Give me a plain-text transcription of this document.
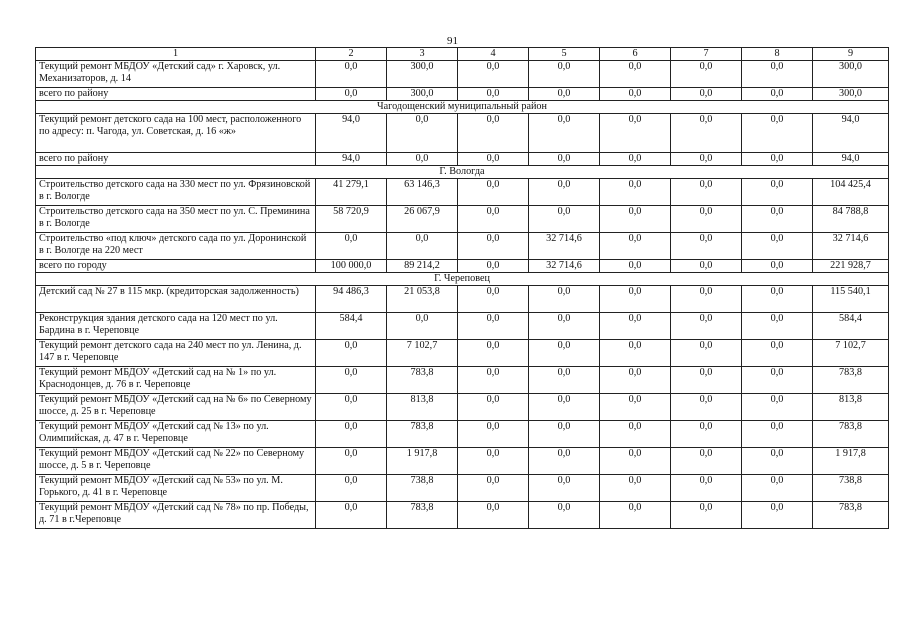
91
1	2	3	4	5	6	7	8	9
Текущий ремонт МБДОУ «Детский сад» г. Харовск, ул. Механизаторов, д. 14	0,0	300,0	0,0	0,0	0,0	0,0	0,0	300,0
всего по району	0,0	300,0	0,0	0,0	0,0	0,0	0,0	300,0
Чагодощенский муниципальный район								
Текущий ремонт детского сада на 100 мест, расположенного по адресу: п. Чагода, ул. Советская, д. 16 «ж»	94,0	0,0	0,0	0,0	0,0	0,0	0,0	94,0
всего по району	94,0	0,0	0,0	0,0	0,0	0,0	0,0	94,0
Г. Вологда								
Строительство детского сада на 330 мест по ул. Фрязиновской в г. Вологде	41 279,1	63 146,3	0,0	0,0	0,0	0,0	0,0	104 425,4
Строительство детского сада на 350 мест по ул. С. Преминина в г. Вологде	58 720,9	26 067,9	0,0	0,0	0,0	0,0	0,0	84 788,8
Строительство «под ключ» детского сада по ул. Доронинской в г. Вологде на 220 мест	0,0	0,0	0,0	32 714,6	0,0	0,0	0,0	32 714,6
всего по городу	100 000,0	89 214,2	0,0	32 714,6	0,0	0,0	0,0	221 928,7
Г. Череповец								
Детский сад № 27 в 115 мкр. (кредиторская задолженность)	94 486,3	21 053,8	0,0	0,0	0,0	0,0	0,0	115 540,1
Реконструкция здания детского сада на 120 мест по ул. Бардина в г. Череповце	584,4	0,0	0,0	0,0	0,0	0,0	0,0	584,4
Текущий ремонт детского сада на 240 мест по ул. Ленина, д. 147 в г. Череповце	0,0	7 102,7	0,0	0,0	0,0	0,0	0,0	7 102,7
Текущий ремонт МБДОУ «Детский сад на № 1» по ул. Краснодонцев, д. 76 в г. Череповце	0,0	783,8	0,0	0,0	0,0	0,0	0,0	783,8
Текущий ремонт МБДОУ «Детский сад на № 6» по Северному шоссе, д. 25 в г. Череповце	0,0	813,8	0,0	0,0	0,0	0,0	0,0	813,8
Текущий ремонт МБДОУ «Детский сад № 13» по ул. Олимпийская, д. 47 в г. Череповце	0,0	783,8	0,0	0,0	0,0	0,0	0,0	783,8
Текущий ремонт МБДОУ «Детский сад № 22» по Северному шоссе, д. 5 в г. Череповце	0,0	1 917,8	0,0	0,0	0,0	0,0	0,0	1 917,8
Текущий ремонт МБДОУ «Детский сад № 53» по ул. М. Горького, д. 41 в г. Череповце	0,0	738,8	0,0	0,0	0,0	0,0	0,0	738,8
Текущий ремонт МБДОУ «Детский сад № 78» по пр. Победы, д. 71 в г.Череповце	0,0	783,8	0,0	0,0	0,0	0,0	0,0	783,8
